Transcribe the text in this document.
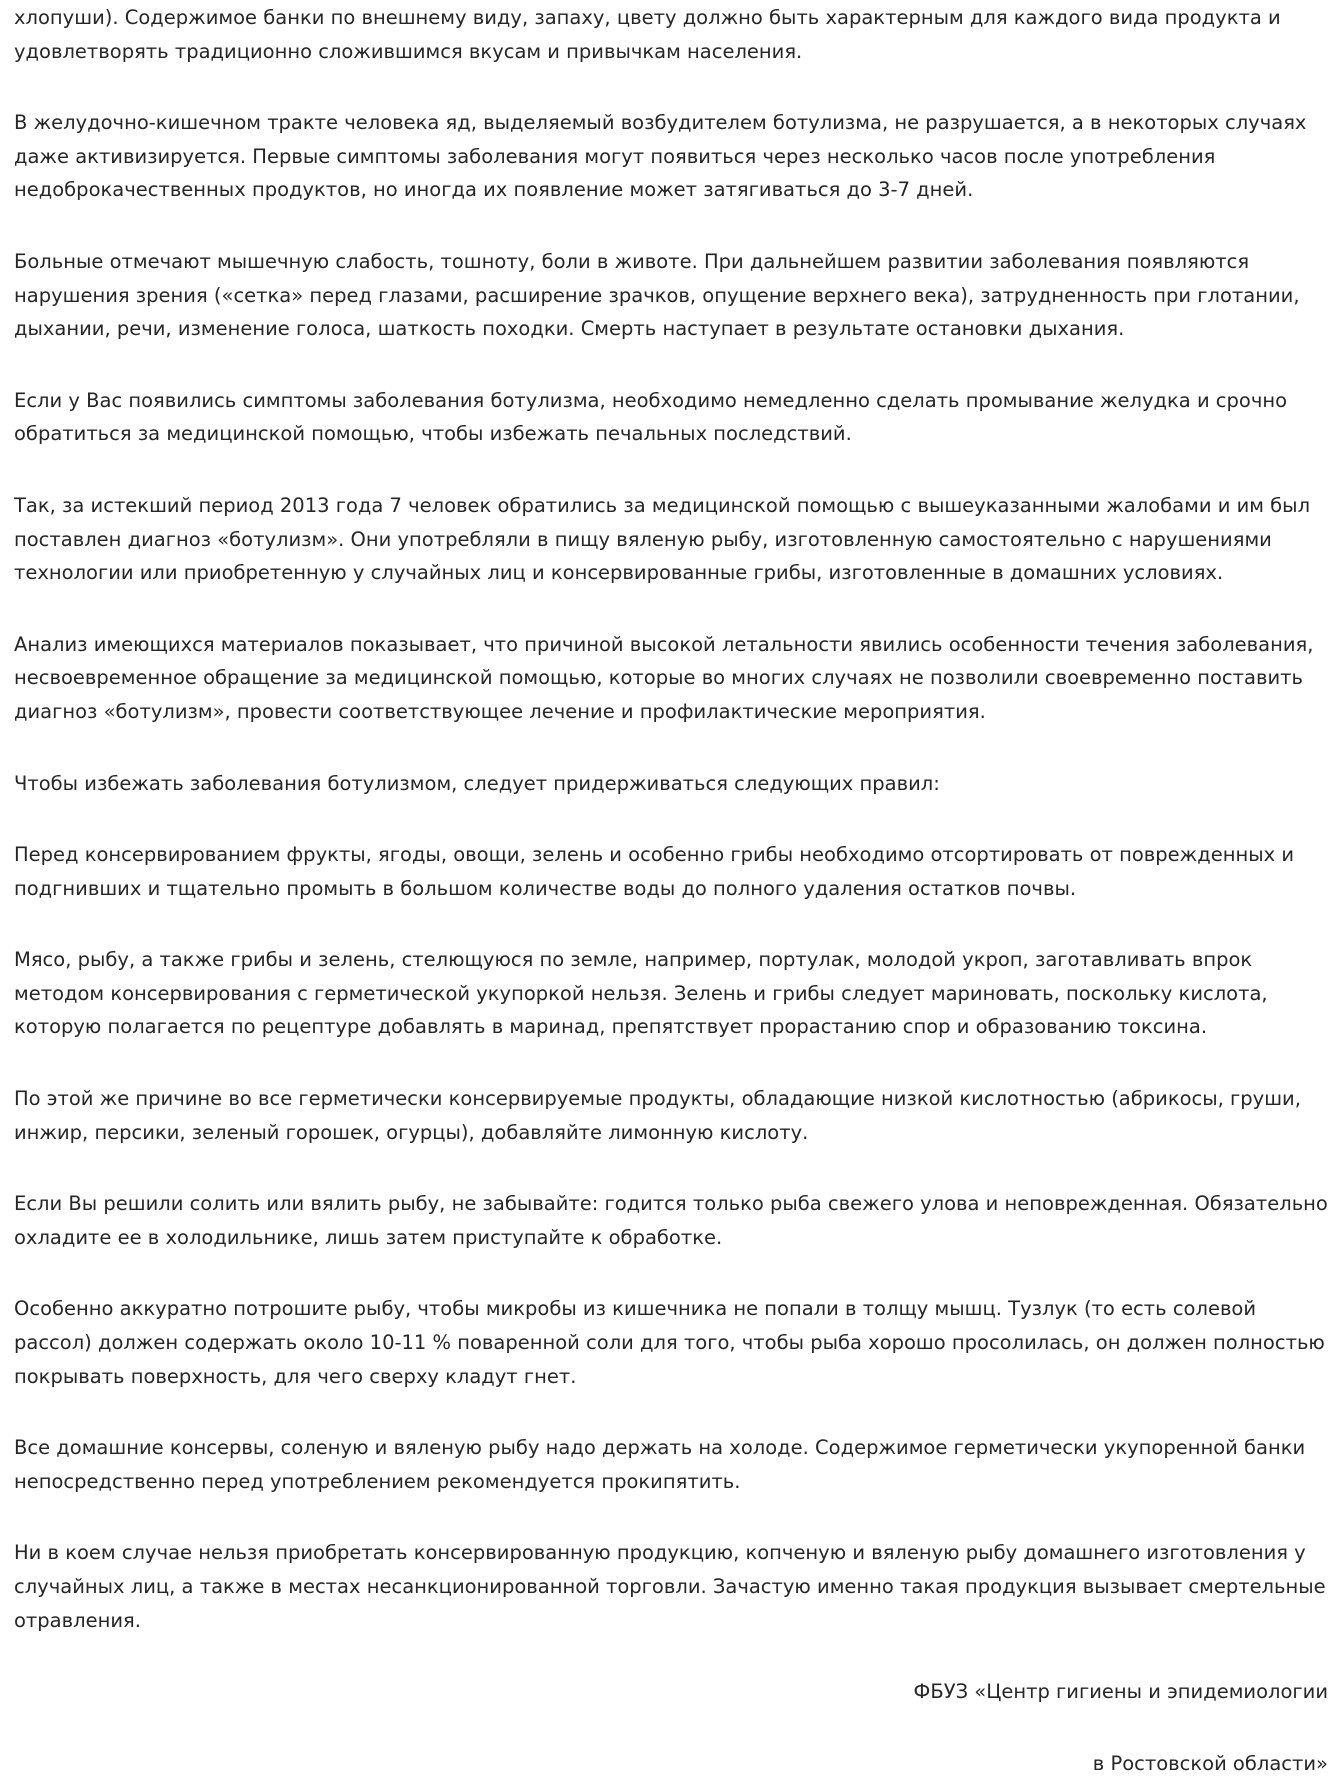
хлопуши). Содержимое банки по внешнему виду, запаху, цвету должно быть характерным для каждого вида продукта и удовлетворять традиционно сложившимся вкусам и привычкам населения.

В желудочно-кишечном тракте человека яд, выделяемый возбудителем ботулизма, не разрушается, а в некоторых случаях даже активизируется. Первые симптомы заболевания могут появиться через несколько часов после употребления недоброкачественных продуктов, но иногда их появление может затягиваться до 3-7 дней.

Больные отмечают мышечную слабость, тошноту, боли в животе. При дальнейшем развитии заболевания появляются нарушения зрения («сетка» перед глазами, расширение зрачков, опущение верхнего века), затрудненность при глотании, дыхании, речи, изменение голоса, шаткость походки. Смерть наступает в результате остановки дыхания.

Если у Вас появились симптомы заболевания ботулизма, необходимо немедленно сделать промывание желудка и срочно обратиться за медицинской помощью, чтобы избежать печальных последствий.

Так, за истекший период 2013 года 7 человек обратились за медицинской помощью с вышеуказанными жалобами и им был поставлен диагноз «ботулизм». Они употребляли в пищу вяленую рыбу, изготовленную самостоятельно с нарушениями технологии или приобретенную у случайных лиц и консервированные грибы, изготовленные в домашних условиях.

Анализ имеющихся материалов показывает, что причиной высокой летальности явились особенности течения заболевания, несвоевременное обращение за медицинской помощью, которые во многих случаях не позволили своевременно поставить диагноз «ботулизм», провести соответствующее лечение и профилактические мероприятия.

Чтобы избежать заболевания ботулизмом, следует придерживаться следующих правил:

Перед консервированием фрукты, ягоды, овощи, зелень и особенно грибы необходимо отсортировать от поврежденных и подгнивших и тщательно промыть в большом количестве воды до полного удаления остатков почвы.

Мясо, рыбу, а также грибы и зелень, стелющуюся по земле, например, портулак, молодой укроп, заготавливать впрок методом консервирования с герметической укупоркой нельзя. Зелень и грибы следует мариновать, поскольку кислота, которую полагается по рецептуре добавлять в маринад, препятствует прорастанию спор и образованию токсина.

По этой же причине во все герметически консервируемые продукты, обладающие низкой кислотностью (абрикосы, груши, инжир, персики, зеленый горошек, огурцы), добавляйте лимонную кислоту.

Если Вы решили солить или вялить рыбу, не забывайте: годится только рыба свежего улова и неповрежденная. Обязательно охладите ее в холодильнике, лишь затем приступайте к обработке.

Особенно аккуратно потрошите рыбу, чтобы микробы из кишечника не попали в толщу мышц. Тузлук (то есть солевой рассол) должен содержать около 10-11 % поваренной соли для того, чтобы рыба хорошо просолилась, он должен полностью покрывать поверхность, для чего сверху кладут гнет.

Все домашние консервы, соленую и вяленую рыбу надо держать на холоде. Содержимое герметически укупоренной банки непосредственно перед употреблением рекомендуется прокипятить.

Ни в коем случае нельзя приобретать консервированную продукцию, копченую и вяленую рыбу домашнего изготовления у случайных лиц, а также в местах несанкционированной торговли. Зачастую именно такая продукция вызывает смертельные отравления.

ФБУЗ «Центр гигиены и эпидемиологии

в Ростовской области»
